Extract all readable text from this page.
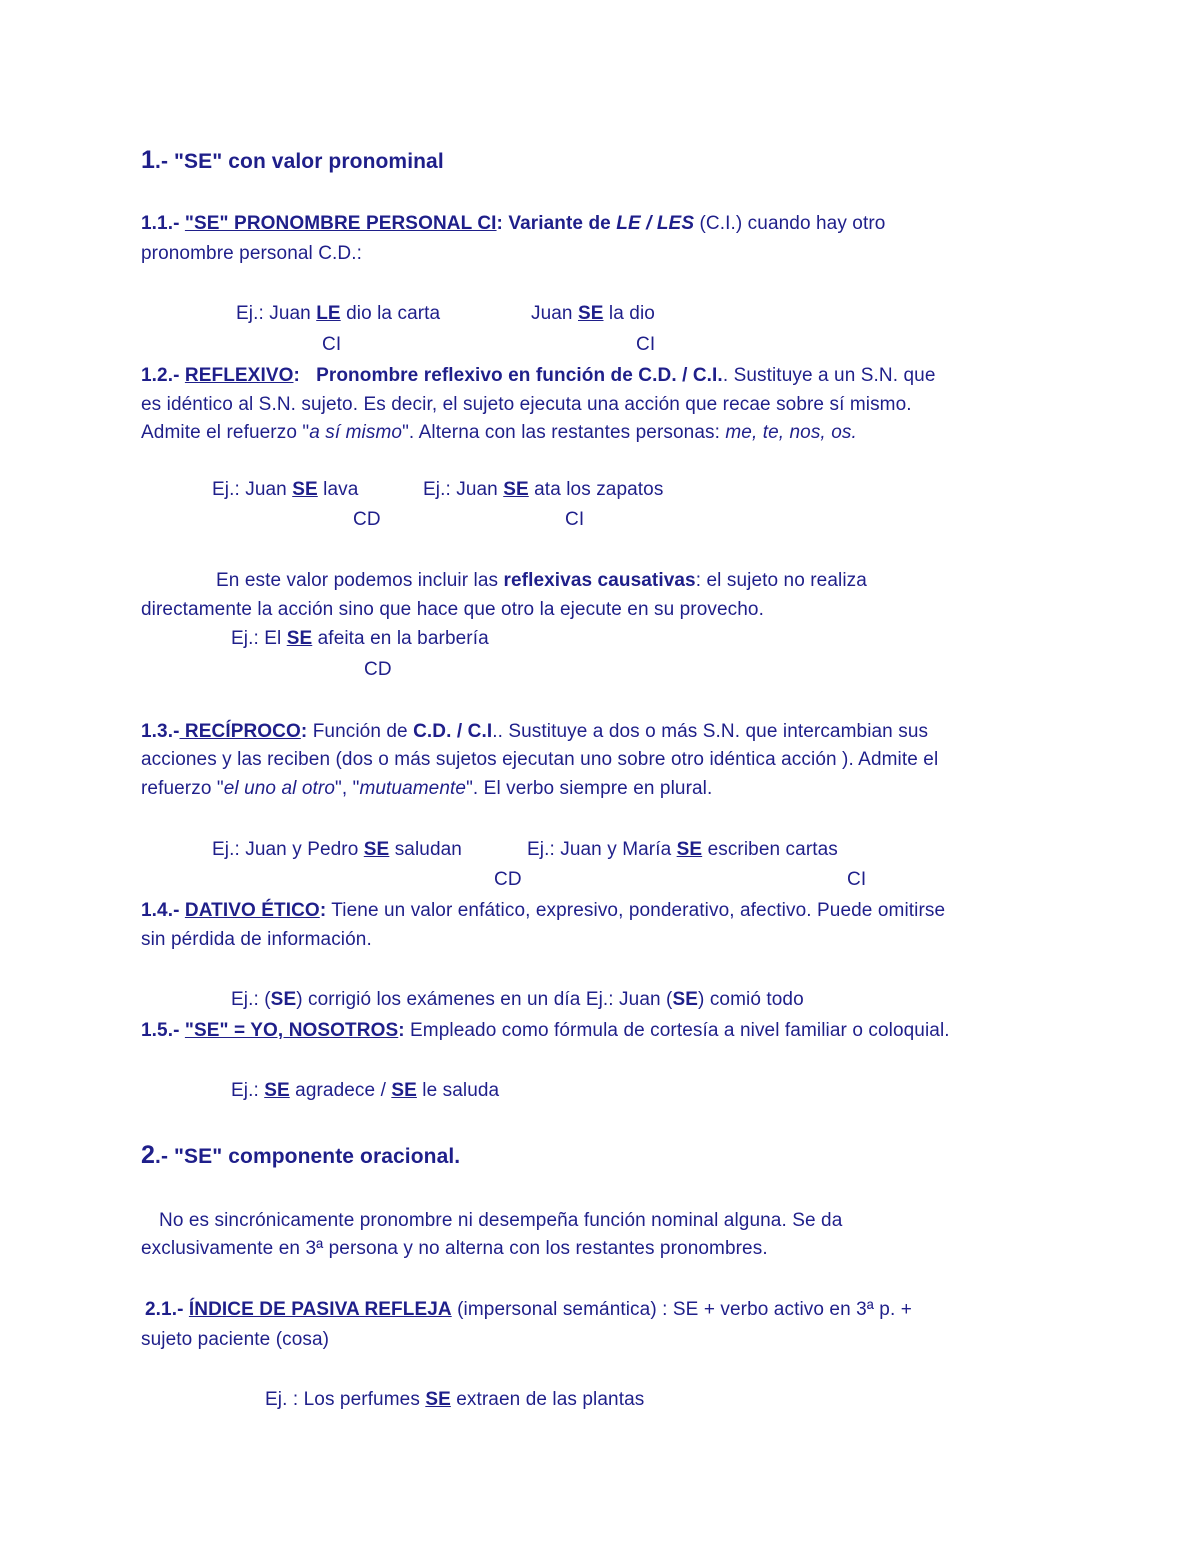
1.- "SE" con valor pronominal
1.1.- "SE" PRONOMBRE PERSONAL CI: Variante de LE / LES (C.I.) cuando hay otro
pronombre personal C.D.:
Ej.: Juan LE dio la carta	Juan SE la dio
CI	CI
1.2.- REFLEXIVO: Pronombre reflexivo en función de C.D. / C.I.. Sustituye a un S.N. que
es idéntico al S.N. sujeto. Es decir, el sujeto ejecuta una acción que recae sobre sí mismo.
Admite el refuerzo "a sí mismo". Alterna con las restantes personas: me, te, nos, os.
Ej.: Juan SE lava	Ej.: Juan SE ata los zapatos
CD	CI
En este valor podemos incluir las reflexivas causativas: el sujeto no realiza
directamente la acción sino que hace que otro la ejecute en su provecho.
Ej.: El SE afeita en la barbería
CD
1.3.- RECÍPROCO: Función de C.D. / C.I.. Sustituye a dos o más S.N. que intercambian sus
acciones y las reciben (dos o más sujetos ejecutan uno sobre otro idéntica acción ). Admite el
refuerzo "el uno al otro", "mutuamente". El verbo siempre en plural.
Ej.: Juan y Pedro SE saludan	Ej.: Juan y María SE escriben cartas
CD	CI
1.4.- DATIVO ÉTICO: Tiene un valor enfático, expresivo, ponderativo, afectivo. Puede omitirse
sin pérdida de información.
Ej.: (SE) corrigió los exámenes en un día Ej.: Juan (SE) comió todo
1.5.- "SE" = YO, NOSOTROS: Empleado como fórmula de cortesía a nivel familiar o coloquial.
Ej.: SE agradece / SE le saluda
2.- "SE" componente oracional.
No es sincrónicamente pronombre ni desempeña función nominal alguna. Se da
exclusivamente en 3ª persona y no alterna con los restantes pronombres.
2.1.- ÍNDICE DE PASIVA REFLEJA (impersonal semántica) : SE + verbo activo en 3ª p. +
sujeto paciente (cosa)
Ej. : Los perfumes SE extraen de las plantas
